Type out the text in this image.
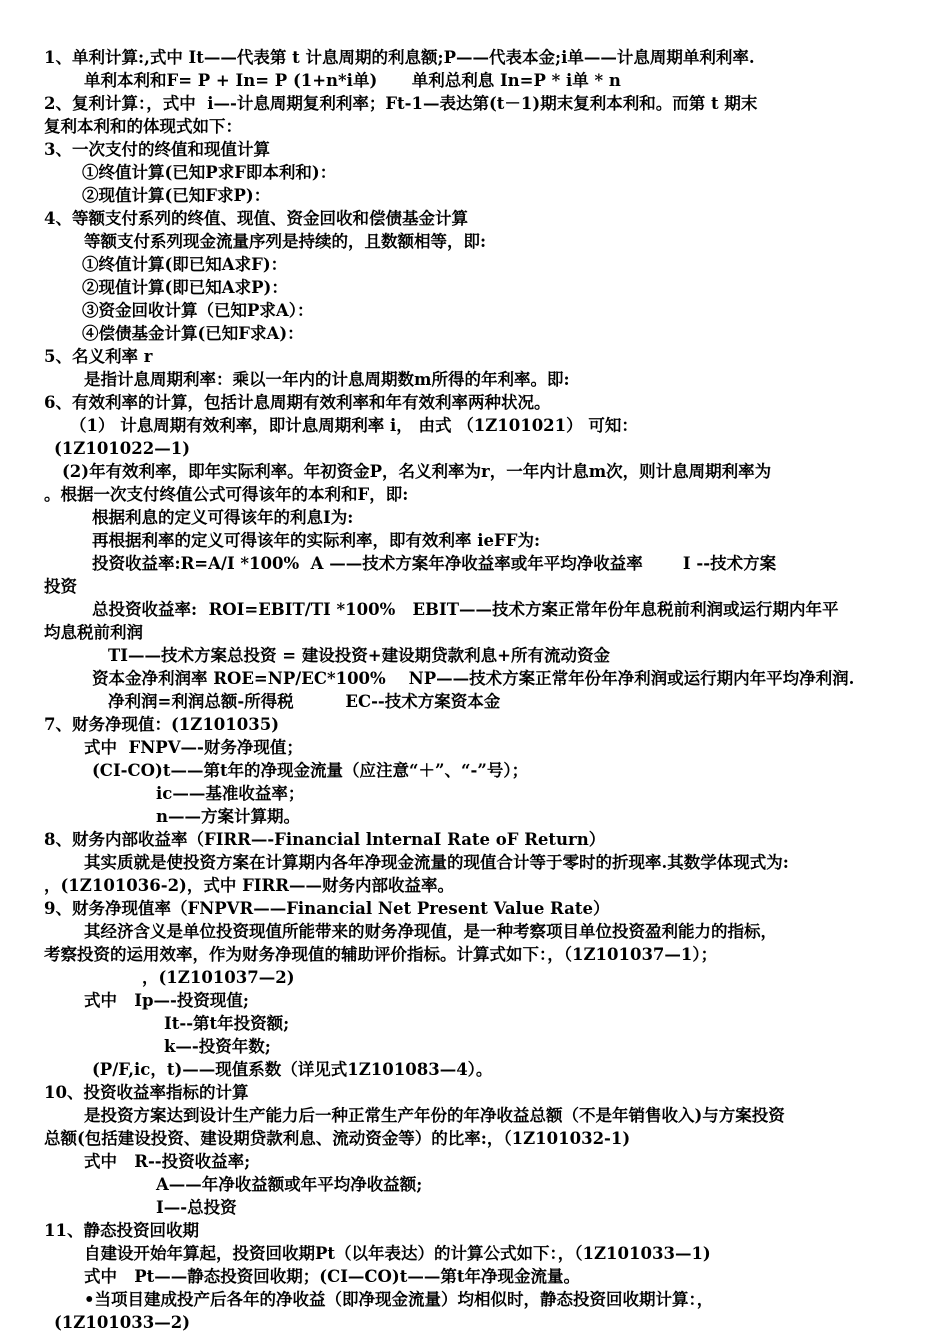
1、单利计算:,式中 It——代表第 t 计息周期的利息额;P——代表本金;i单——计息周期单利利率.
单利本利和F= P + In= P (1+n*i单)      单利总利息 In=P * i单 * n
2、复利计算：，式中  i—-计息周期复利利率；Ft-1—表达第(t－1)期末复利本利和。而第 t 期末
复利本利和的体现式如下：
3、一次支付的终值和现值计算
①终值计算(已知P求F即本利和)：
②现值计算(已知F求P)：
4、等额支付系列的终值、现值、资金回收和偿债基金计算
等额支付系列现金流量序列是持续的，且数额相等，即:
①终值计算(即已知A求F)：
②现值计算(即已知A求P)：
③资金回收计算（已知P求A）：
④偿债基金计算(已知F求A)：
5、名义利率 r
是指计息周期利率：乘以一年内的计息周期数m所得的年利率。即:
6、有效利率的计算，包括计息周期有效利率和年有效利率两种状况。
（1） 计息周期有效利率，即计息周期利率 i， 由式 （1Z101021） 可知：
(1Z101022—1)
(2)年有效利率，即年实际利率。年初资金P，名义利率为r，一年内计息m次，则计息周期利率为
。根据一次支付终值公式可得该年的本利和F，即:
根据利息的定义可得该年的利息I为:
再根据利率的定义可得该年的实际利率，即有效利率 ieFF为:
投资收益率:R=A/I *100%  A ——技术方案年净收益率或年平均净收益率       I --技术方案
投资
总投资收益率:  ROI=EBIT/TI *100%   EBIT——技术方案正常年份年息税前利润或运行期内年平
均息税前利润
TI——技术方案总投资 = 建设投资+建设期贷款利息+所有流动资金
资本金净利润率 ROE=NP/EC*100%    NP——技术方案正常年份年净利润或运行期内年平均净利润.
净利润=利润总额-所得税         EC--技术方案资本金
7、财务净现值：(1Z101035)
式中  FNPV—-财务净现值；
(CI-CO)t——第t年的净现金流量（应注意“＋”、“-”号）；
ic——基准收益率；
n——方案计算期。
8、财务内部收益率（FIRR—-Financial lnternaI Rate oF Return）
其实质就是使投资方案在计算期内各年净现金流量的现值合计等于零时的折现率.其数学体现式为:
，(1Z101036-2)，式中 FIRR——财务内部收益率。
9、财务净现值率（FNPVR——Financial Net Present Value Rate）
其经济含义是单位投资现值所能带来的财务净现值，是一种考察项目单位投资盈利能力的指标，
考察投资的运用效率，作为财务净现值的辅助评价指标。计算式如下：，（1Z101037—1）；
，(1Z101037—2)
式中   Ip—-投资现值;
It--第t年投资额;
k—-投资年数;
(P/F,ic，t)——现值系数（详见式1Z101083—4）。
10、投资收益率指标的计算
是投资方案达到设计生产能力后一种正常生产年份的年净收益总额（不是年销售收入)与方案投资
总额(包括建设投资、建设期贷款利息、流动资金等）的比率:，（1Z101032-1)
式中   R--投资收益率;
A——年净收益额或年平均净收益额;
I—-总投资
11、静态投资回收期
自建设开始年算起，投资回收期Pt（以年表达）的计算公式如下：，（1Z101033—1)
式中   Pt——静态投资回收期；(CI—CO)t——第t年净现金流量。
•当项目建成投产后各年的净收益（即净现金流量）均相似时，静态投资回收期计算：，
(1Z101033—2)
